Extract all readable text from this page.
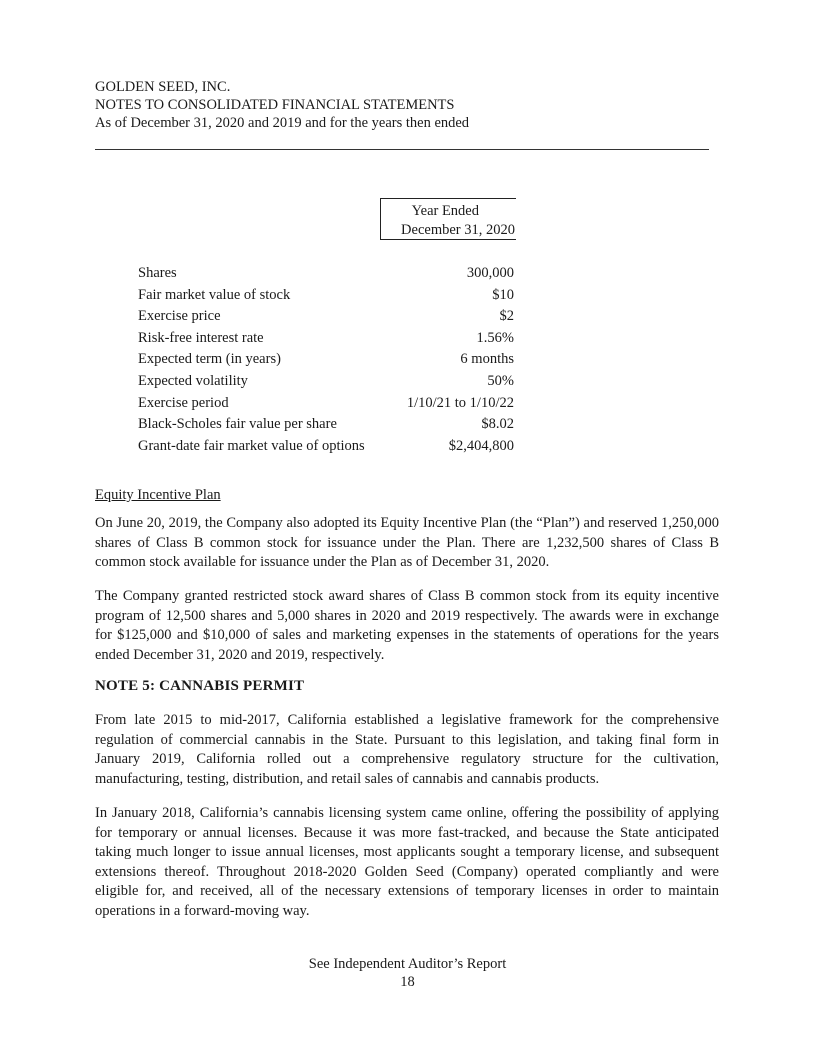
GOLDEN SEED, INC.
NOTES TO CONSOLIDATED FINANCIAL STATEMENTS
As of December 31, 2020 and 2019 and for the years then ended
Year Ended
December 31, 2020
Shares	300,000
Fair market value of stock	$10
Exercise price	$2
Risk-free interest rate	1.56%
Expected term (in years)	6 months
Expected volatility	50%
Exercise period	1/10/21 to 1/10/22
Black-Scholes fair value per share	$8.02
Grant-date fair market value of options	$2,404,800
Equity Incentive Plan

On June 20, 2019, the Company also adopted its Equity Incentive Plan (the “Plan”) and reserved 1,250,000 shares of Class B common stock for issuance under the Plan. There are 1,232,500 shares of Class B common stock available for issuance under the Plan as of December 31, 2020.

The Company granted restricted stock award shares of Class B common stock from its equity incentive program of 12,500 shares and 5,000 shares in 2020 and 2019 respectively. The awards were in exchange for $125,000 and $10,000 of sales and marketing expenses in the statements of operations for the years ended December 31, 2020 and 2019, respectively.

NOTE 5: CANNABIS PERMIT

From late 2015 to mid-2017, California established a legislative framework for the comprehensive regulation of commercial cannabis in the State. Pursuant to this legislation, and taking final form in January 2019, California rolled out a comprehensive regulatory structure for the cultivation, manufacturing, testing, distribution, and retail sales of cannabis and cannabis products.

In January 2018, California’s cannabis licensing system came online, offering the possibility of applying for temporary or annual licenses. Because it was more fast-tracked, and because the State anticipated taking much longer to issue annual licenses, most applicants sought a temporary license, and subsequent extensions thereof. Throughout 2018-2020 Golden Seed (Company) operated compliantly and were eligible for, and received, all of the necessary extensions of temporary licenses in order to maintain operations in a forward-moving way.

See Independent Auditor’s Report
18
